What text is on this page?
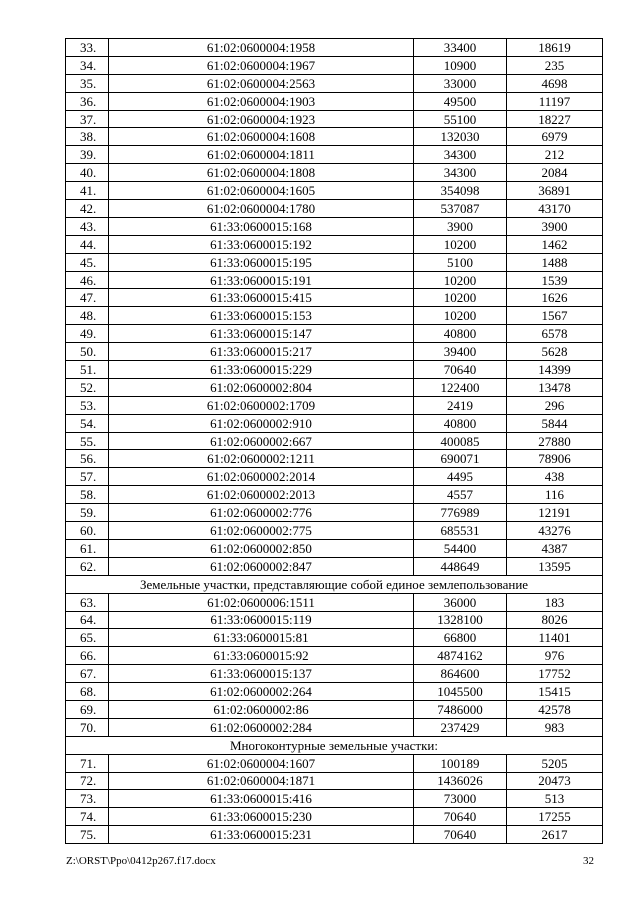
33.	61:02:0600004:1958	33400	18619
34.	61:02:0600004:1967	10900	235
35.	61:02:0600004:2563	33000	4698
36.	61:02:0600004:1903	49500	11197
37.	61:02:0600004:1923	55100	18227
38.	61:02:0600004:1608	132030	6979
39.	61:02:0600004:1811	34300	212
40.	61:02:0600004:1808	34300	2084
41.	61:02:0600004:1605	354098	36891
42.	61:02:0600004:1780	537087	43170
43.	61:33:0600015:168	3900	3900
44.	61:33:0600015:192	10200	1462
45.	61:33:0600015:195	5100	1488
46.	61:33:0600015:191	10200	1539
47.	61:33:0600015:415	10200	1626
48.	61:33:0600015:153	10200	1567
49.	61:33:0600015:147	40800	6578
50.	61:33:0600015:217	39400	5628
51.	61:33:0600015:229	70640	14399
52.	61:02:0600002:804	122400	13478
53.	61:02:0600002:1709	2419	296
54.	61:02:0600002:910	40800	5844
55.	61:02:0600002:667	400085	27880
56.	61:02:0600002:1211	690071	78906
57.	61:02:0600002:2014	4495	438
58.	61:02:0600002:2013	4557	116
59.	61:02:0600002:776	776989	12191
60.	61:02:0600002:775	685531	43276
61.	61:02:0600002:850	54400	4387
62.	61:02:0600002:847	448649	13595
Земельные участки, представляющие собой единое землепользование			
63.	61:02:0600006:1511	36000	183
64.	61:33:0600015:119	1328100	8026
65.	61:33:0600015:81	66800	11401
66.	61:33:0600015:92	4874162	976
67.	61:33:0600015:137	864600	17752
68.	61:02:0600002:264	1045500	15415
69.	61:02:0600002:86	7486000	42578
70.	61:02:0600002:284	237429	983
Многоконтурные земельные участки:			
71.	61:02:0600004:1607	100189	5205
72.	61:02:0600004:1871	1436026	20473
73.	61:33:0600015:416	73000	513
74.	61:33:0600015:230	70640	17255
75.	61:33:0600015:231	70640	2617
Z:\ORST\Ppo\0412p267.f17.docx	32
